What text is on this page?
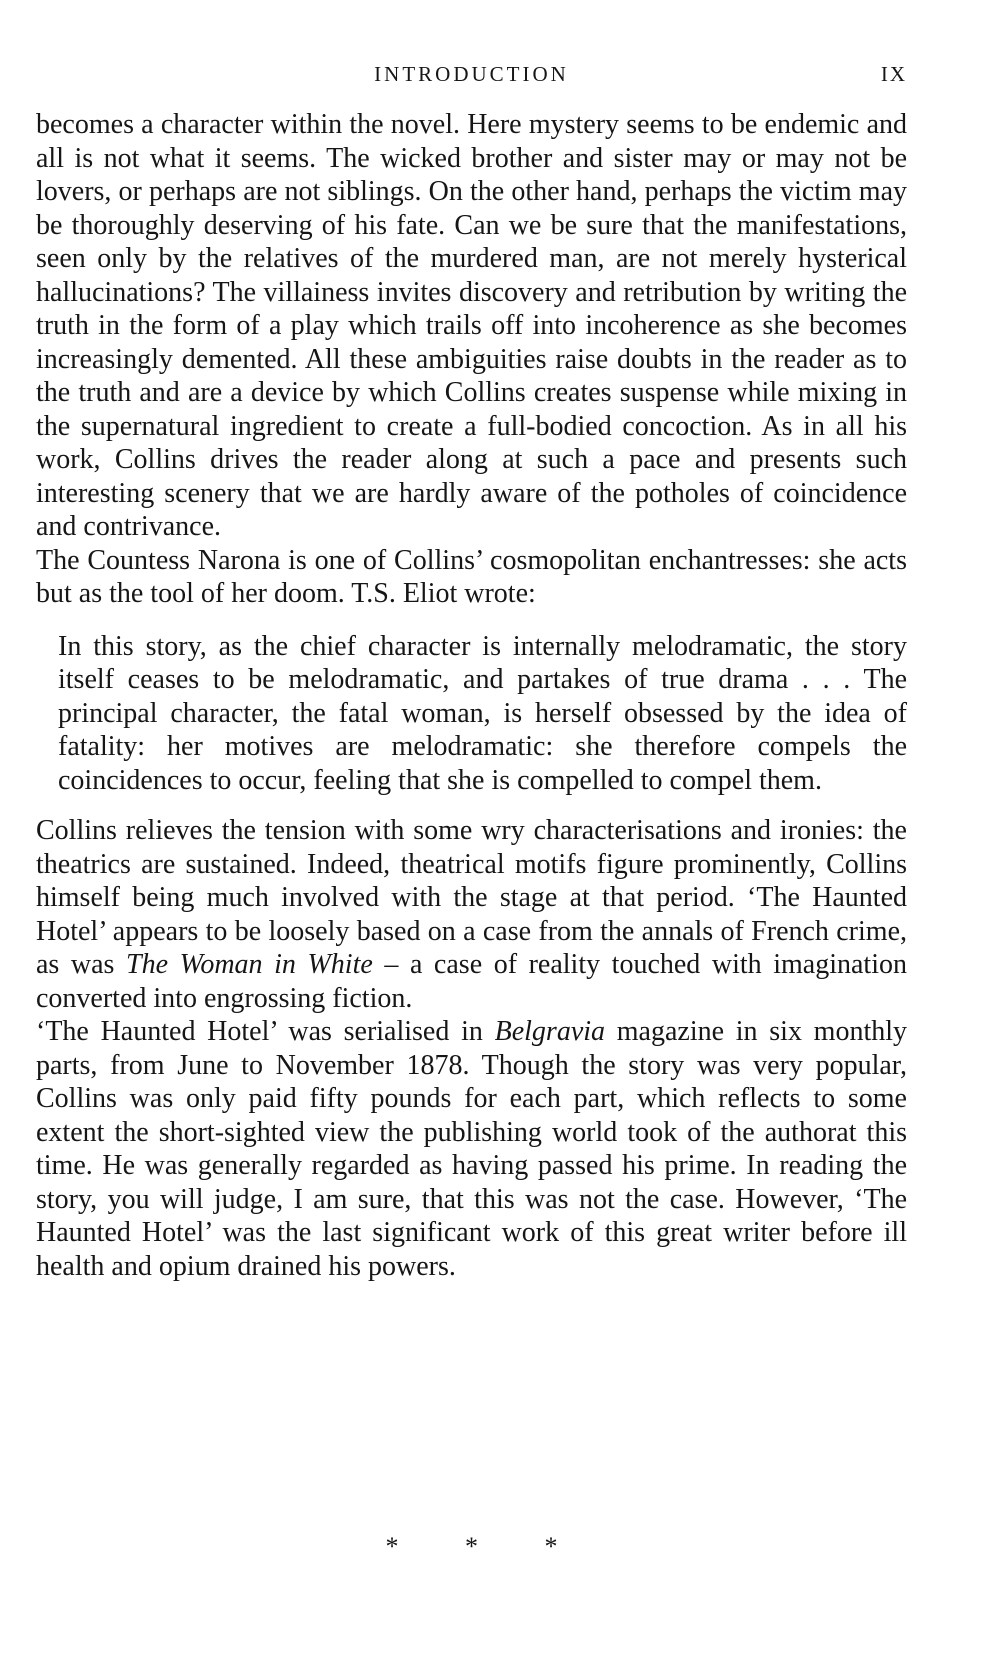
INTRODUCTION	IX

becomes a character within the novel. Here mystery seems to be endemic and all is not what it seems. The wicked brother and sister may or may not be lovers, or perhaps are not siblings. On the other hand, perhaps the victim may be thoroughly deserving of his fate. Can we be sure that the manifestations, seen only by the relatives of the murdered man, are not merely hysterical hallucinations? The villainess invites discovery and retribution by writing the truth in the form of a play which trails off into incoherence as she becomes increasingly demented. All these ambiguities raise doubts in the reader as to the truth and are a device by which Collins creates suspense while mixing in the supernatural ingredient to create a full-bodied concoction. As in all his work, Collins drives the reader along at such a pace and presents such interesting scenery that we are hardly aware of the potholes of coincidence and contrivance.

The Countess Narona is one of Collins’ cosmopolitan enchantresses: she acts but as the tool of her doom. T.S. Eliot wrote:

In this story, as the chief character is internally melodramatic, the story itself ceases to be melodramatic, and partakes of true drama . . . The principal character, the fatal woman, is herself obsessed by the idea of fatality: her motives are melodramatic: she therefore compels the coincidences to occur, feeling that she is compelled to compel them.

Collins relieves the tension with some wry characterisations and ironies: the theatrics are sustained. Indeed, theatrical motifs figure prominently, Collins himself being much involved with the stage at that period. ‘The Haunted Hotel’ appears to be loosely based on a case from the annals of French crime, as was The Woman in White – a case of reality touched with imagination converted into engrossing fiction.

‘The Haunted Hotel’ was serialised in Belgravia magazine in six monthly parts, from June to November 1878. Though the story was very popular, Collins was only paid fifty pounds for each part, which reflects to some extent the short-sighted view the publishing world took of the authorat this time. He was generally regarded as having passed his prime. In reading the story, you will judge, I am sure, that this was not the case. However, ‘The Haunted Hotel’ was the last significant work of this great writer before ill health and opium drained his powers.

* * *
